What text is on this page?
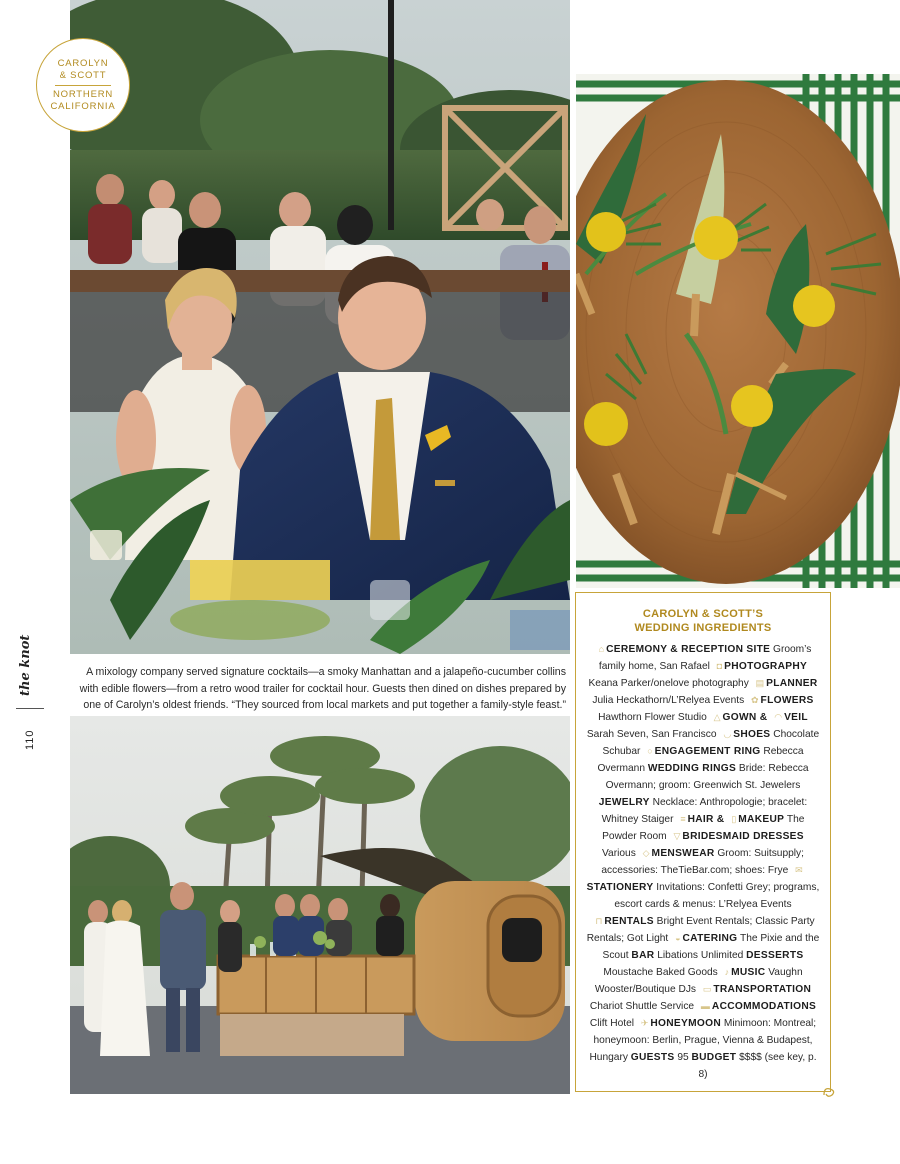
CAROLYN
& SCOTT
NORTHERN
CALIFORNIA
A mixology company served signature cocktails—a smoky Manhattan and a jalapeño-cucumber collins with edible flowers—from a retro wood trailer for cocktail hour. Guests then dined on dishes prepared by one of Carolyn’s oldest friends. “They sourced from local markets and put together a family-style feast.”
the knot
110
CAROLYN & SCOTT’S
WEDDING INGREDIENTS
⌂ CEREMONY & RECEPTION SITE Groom’s family home, San Rafael ◘ PHOTOGRAPHY Keana Parker/onelove photography ▤ PLANNER Julia Heckathorn/L’Relyea Events ✿ FLOWERS Hawthorn Flower Studio △ GOWN & ◠ VEIL Sarah Seven, San Francisco ◡ SHOES Chocolate Schubar ○ ENGAGEMENT RING Rebecca Overmann WEDDING RINGS Bride: Rebecca Overmann; groom: Greenwich St. Jewelers JEWELRY Necklace: Anthropologie; bracelet: Whitney Staiger ≡ HAIR & ▯ MAKEUP The Powder Room ▽ BRIDESMAID DRESSES Various ◇ MENSWEAR Groom: Suitsupply; accessories: TheTieBar.com; shoes: Frye ✉STATIONERY Invitations: Confetti Grey; programs, escort cards & menus: L’Relyea Events ⊓ RENTALS Bright Event Rentals; Classic Party Rentals; Got Light ◒ CATERING The Pixie and the Scout BAR Libations Unlimited DESSERTS Moustache Baked Goods ♪ MUSIC Vaughn Wooster/Boutique DJs ▭ TRANSPORTATION Chariot Shuttle Service ▬ ACCOMMODATIONS Clift Hotel ✈ HONEYMOON Minimoon: Montreal; honeymoon: Berlin, Prague, Vienna & Budapest, Hungary GUESTS 95 BUDGET $$$$ (see key, p. 8)
